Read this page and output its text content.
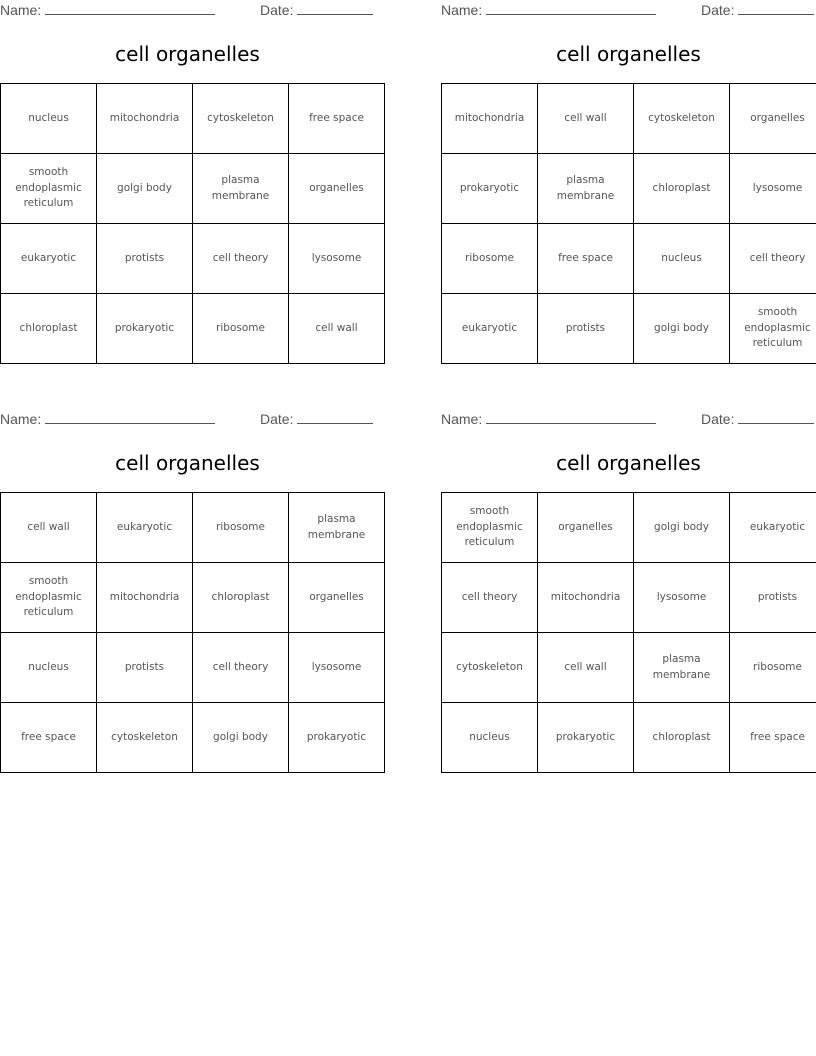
Name:	Date:
cell organelles
nucleus	mitochondria	cytoskeleton	free space
smooth endoplasmic reticulum	golgi body	plasma membrane	organelles
eukaryotic	protists	cell theory	lysosome
chloroplast	prokaryotic	ribosome	cell wall
Name:	Date:
cell organelles
mitochondria	cell wall	cytoskeleton	organelles
prokaryotic	plasma membrane	chloroplast	lysosome
ribosome	free space	nucleus	cell theory
eukaryotic	protists	golgi body	smooth endoplasmic reticulum
Name:	Date:
cell organelles
cell wall	eukaryotic	ribosome	plasma membrane
smooth endoplasmic reticulum	mitochondria	chloroplast	organelles
nucleus	protists	cell theory	lysosome
free space	cytoskeleton	golgi body	prokaryotic
Name:	Date:
cell organelles
smooth endoplasmic reticulum	organelles	golgi body	eukaryotic
cell theory	mitochondria	lysosome	protists
cytoskeleton	cell wall	plasma membrane	ribosome
nucleus	prokaryotic	chloroplast	free space
